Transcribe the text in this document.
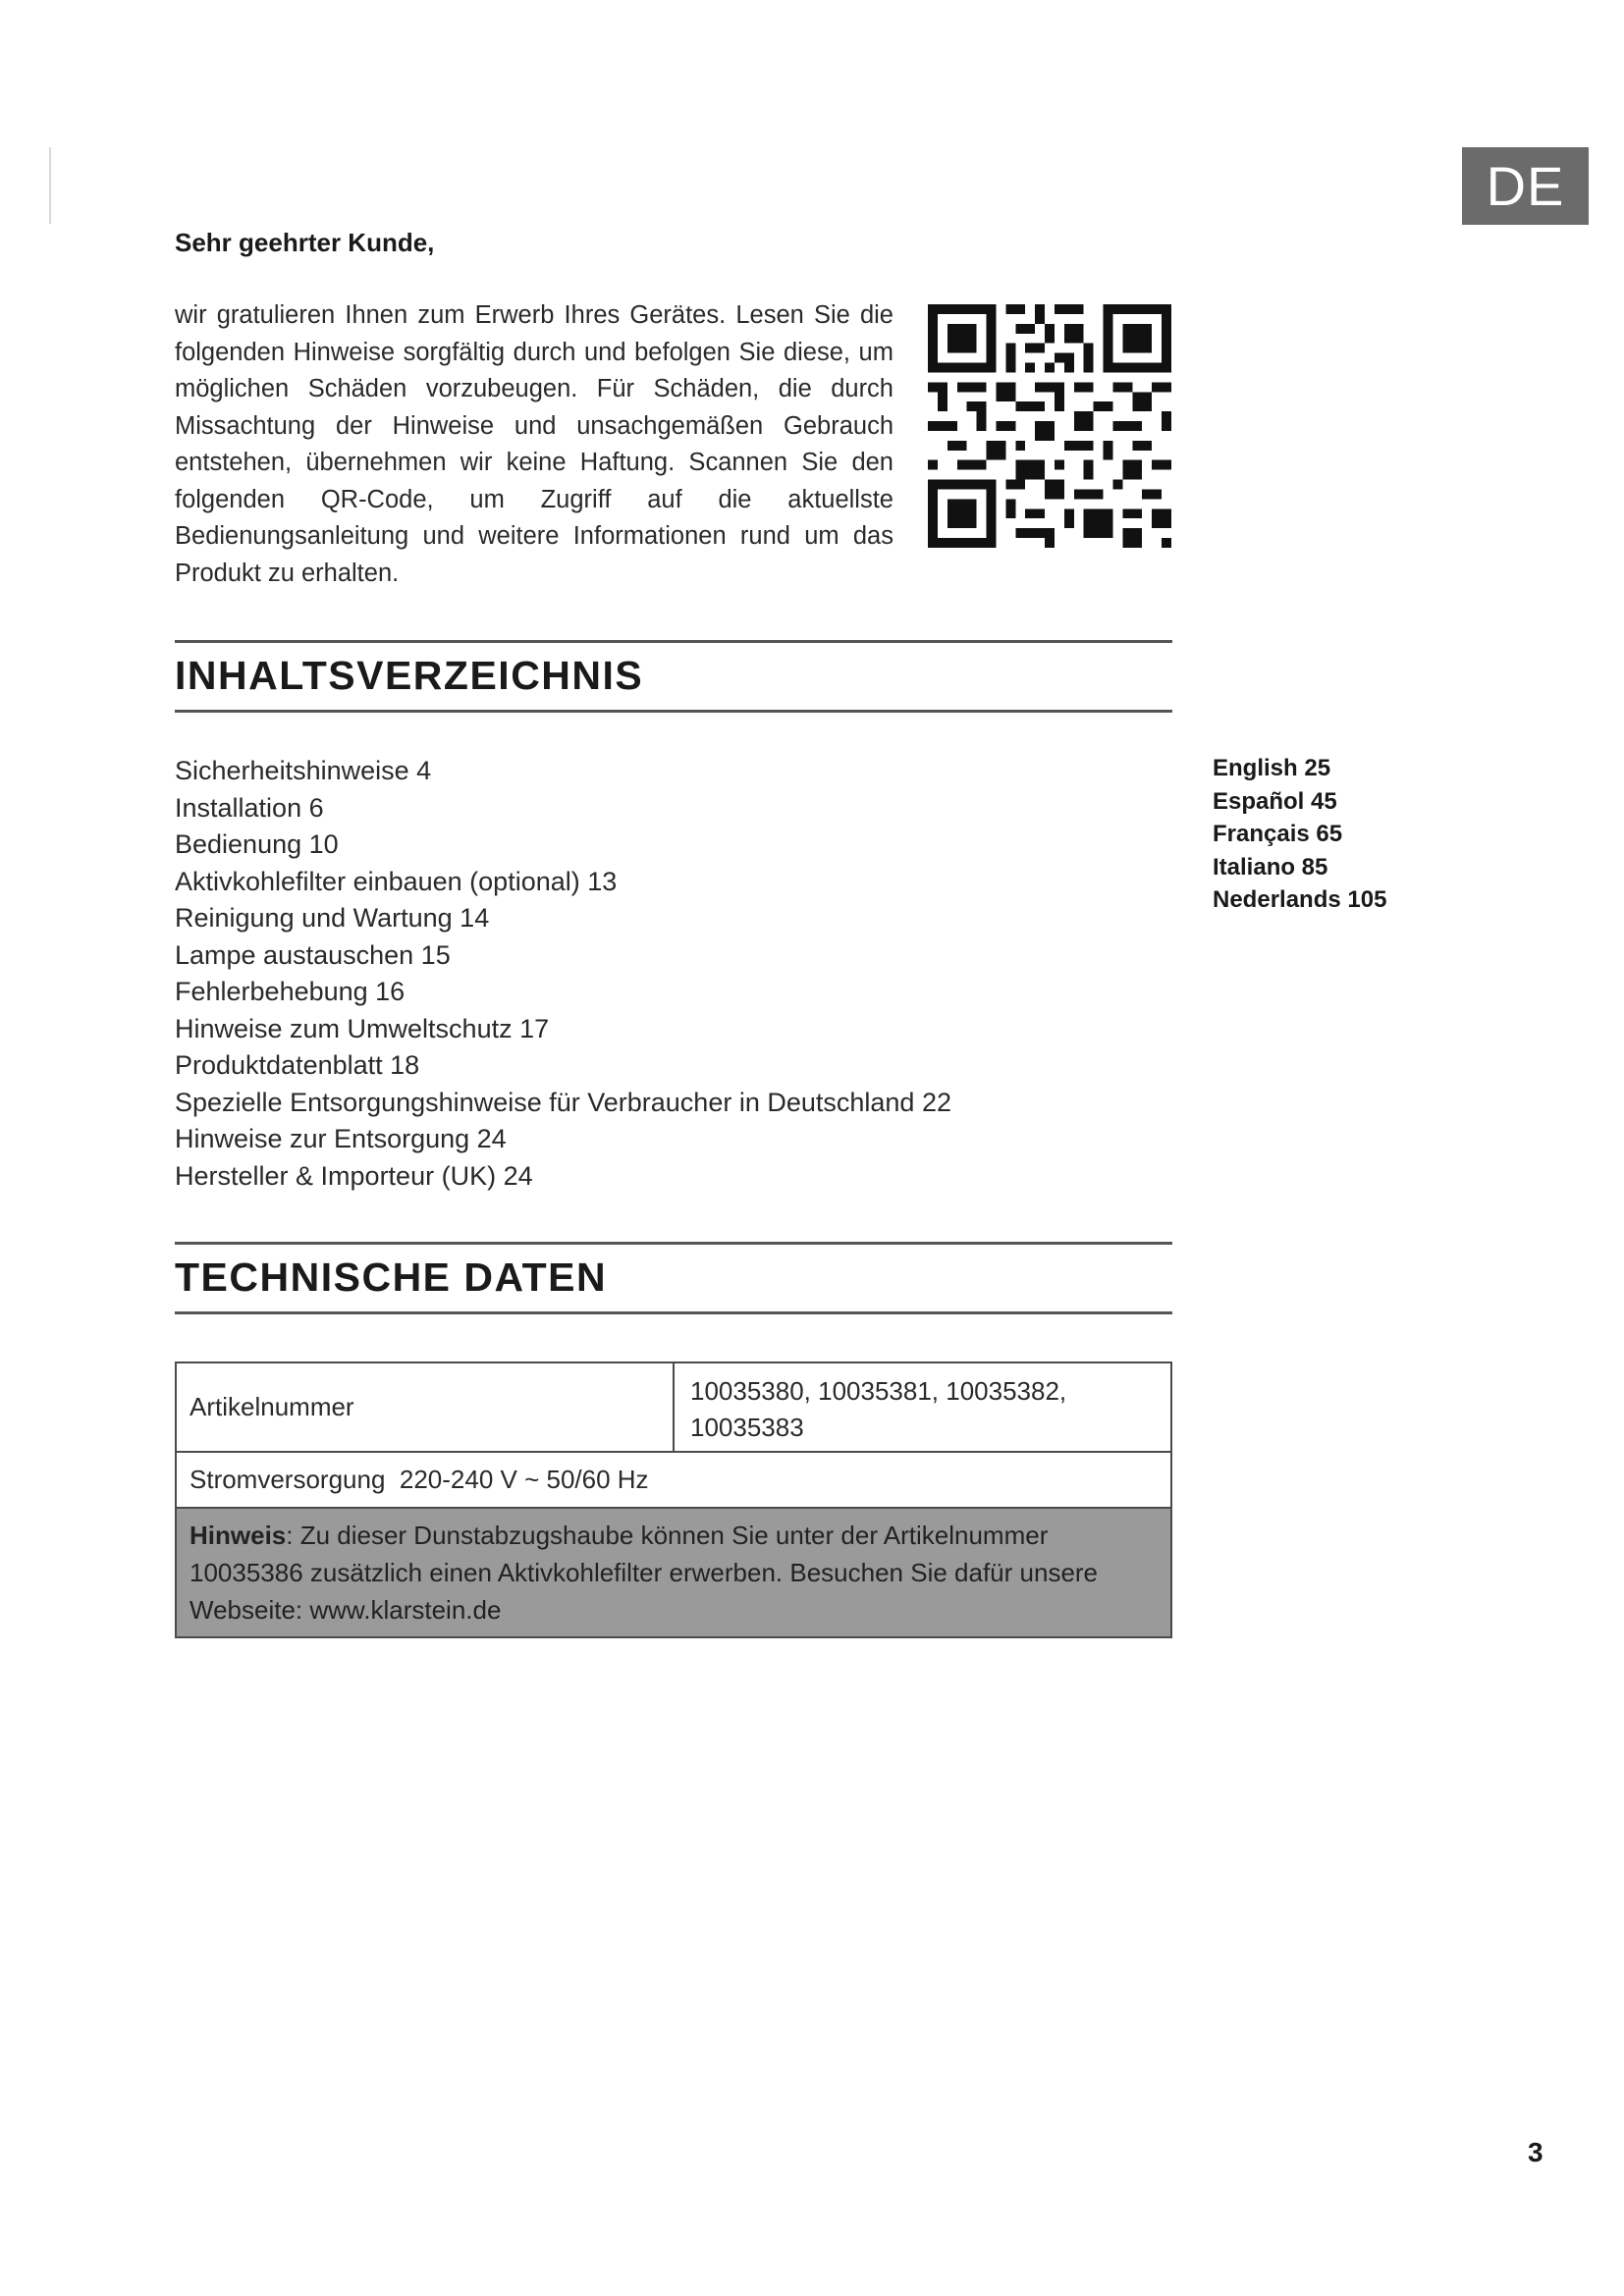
DE
Sehr geehrter Kunde,
wir gratulieren Ihnen zum Erwerb Ihres Gerätes. Lesen Sie die folgenden Hinweise sorgfältig durch und befolgen Sie diese, um möglichen Schäden vorzubeugen. Für Schäden, die durch Missachtung der Hinweise und unsachgemäßen Gebrauch entstehen, übernehmen wir keine Haftung. Scannen Sie den folgenden QR-Code, um Zugriff auf die aktuellste Bedienungsanleitung und weitere Informationen rund um das Produkt zu erhalten.
INHALTSVERZEICHNIS
Sicherheitshinweise 4
Installation 6
Bedienung 10
Aktivkohlefilter einbauen (optional) 13
Reinigung und Wartung 14
Lampe austauschen 15
Fehlerbehebung 16
Hinweise zum Umweltschutz 17
Produktdatenblatt 18
Spezielle Entsorgungshinweise für Verbraucher in Deutschland 22
Hinweise zur Entsorgung 24
Hersteller & Importeur (UK) 24
English 25
Español 45
Français 65
Italiano 85
Nederlands 105
TECHNISCHE DATEN
Artikelnummer
10035380, 10035381, 10035382, 10035383
Stromversorgung
220-240 V ~ 50/60 Hz
Hinweis: Zu dieser Dunstabzugshaube können Sie unter der Artikelnummer 10035386 zusätzlich einen Aktivkohlefilter erwerben. Besuchen Sie dafür unsere Webseite: www.klarstein.de
3
